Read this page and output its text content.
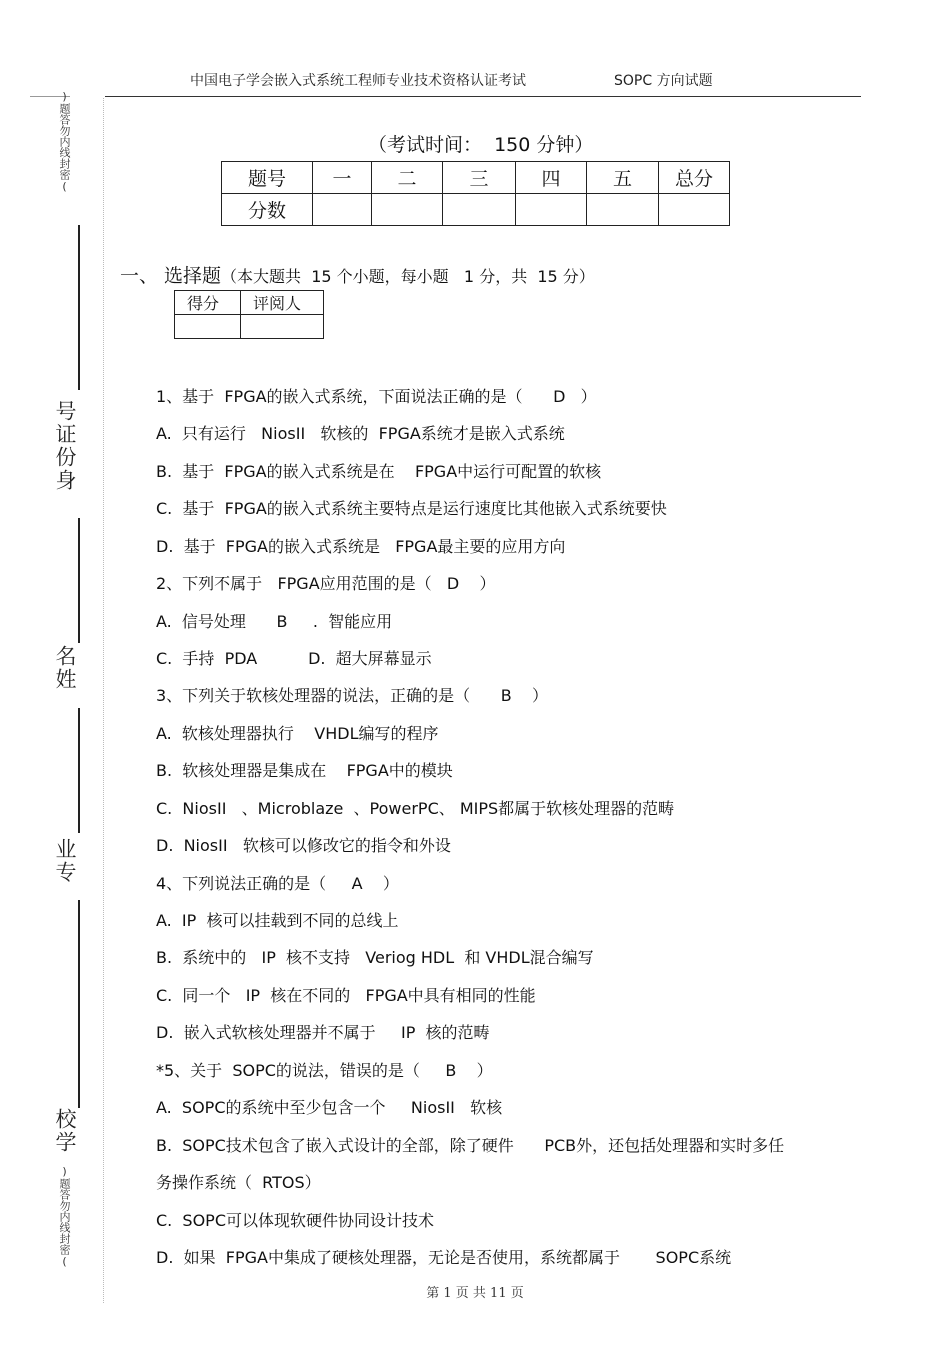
中国电子学会嵌入式系统工程师专业技术资格认证考试	SOPC 方向试题
)题答勿内线封密(
号证份身
名姓
业专
校学
)题答勿内线封密(
（考试时间：  150 分钟）
题号	一	二	三	四	五	总分
分数						
一、 选择题（本大题共  15 个小题，每小题   1 分，共  15 分）
得分	评阅人

1、基于  FPGA的嵌入式系统，下面说法正确的是（      D   ）
A.  只有运行   NiosII   软核的  FPGA系统才是嵌入式系统
B.  基于  FPGA的嵌入式系统是在    FPGA中运行可配置的软核
C.  基于  FPGA的嵌入式系统主要特点是运行速度比其他嵌入式系统要快
D.  基于  FPGA的嵌入式系统是   FPGA最主要的应用方向
2、下列不属于   FPGA应用范围的是（   D    ）
A.  信号处理      B     .  智能应用
C.  手持  PDA          D.  超大屏幕显示
3、下列关于软核处理器的说法，正确的是（      B    ）
A.  软核处理器执行    VHDL编写的程序
B.  软核处理器是集成在    FPGA中的模块
C.  NiosII   、Microblaze  、PowerPC、 MIPS都属于软核处理器的范畴
D.  NiosII   软核可以修改它的指令和外设
4、下列说法正确的是（     A    ）
A.  IP  核可以挂载到不同的总线上
B.  系统中的   IP  核不支持   Veriog HDL  和 VHDL混合编写
C.  同一个   IP  核在不同的   FPGA中具有相同的性能
D.  嵌入式软核处理器并不属于     IP  核的范畴
*5、关于  SOPC的说法，错误的是（     B    ）
A.  SOPC的系统中至少包含一个     NiosII   软核
B.  SOPC技术包含了嵌入式设计的全部，除了硬件      PCB外，还包括处理器和实时多任
务操作系统（  RTOS）
C.  SOPC可以体现软硬件协同设计技术
D.  如果  FPGA中集成了硬核处理器，无论是否使用，系统都属于       SOPC系统
第 1 页 共 11 页
